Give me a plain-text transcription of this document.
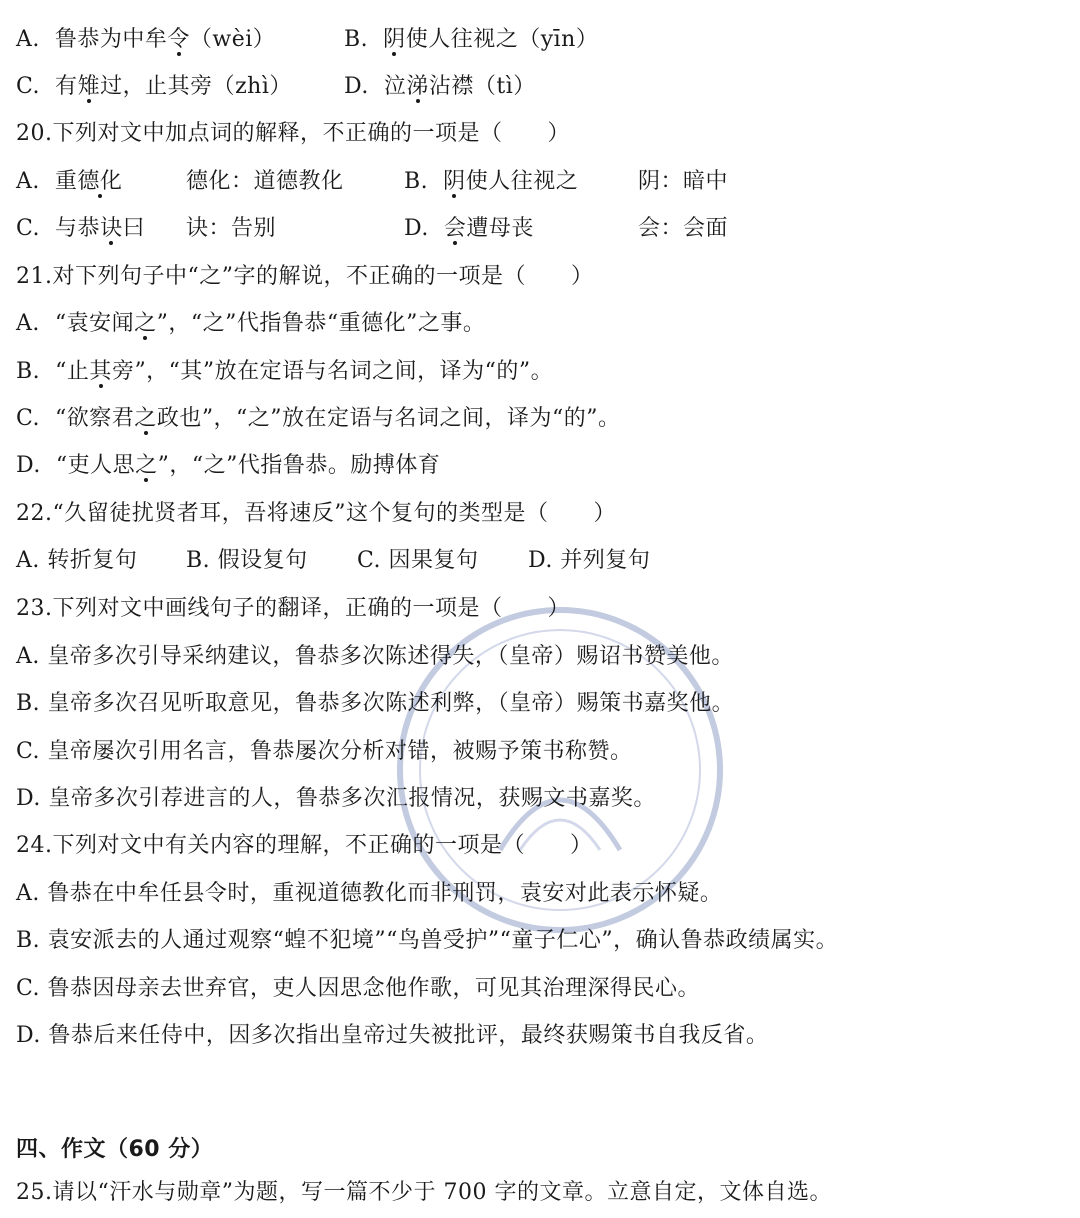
A. 鲁恭为中牟令（wèi）	B. 阴使人往视之（yīn）
C. 有雉过，止其旁（zhì） D. 泣涕沾襟（tì）
20.下列对文中加点词的解释，不正确的一项是（　　）
A. 重德化	德化：道德教化	B. 阴使人往视之	阴：暗中
C. 与恭诀曰 诀：告别	D. 会遭母丧	会：会面
21.对下列句子中“之”字的解说，不正确的一项是（　　）
A. “袁安闻之”，“之”代指鲁恭“重德化”之事。
B. “止其旁”，“其”放在定语与名词之间，译为“的”。
C. “欲察君之政也”，“之”放在定语与名词之间，译为“的”。
D. “吏人思之”，“之”代指鲁恭。励搏体育
22.“久留徒扰贤者耳，吾将速反”这个复句的类型是（　　）
A. 转折复句 B. 假设复句 C. 因果复句 D. 并列复句
23.下列对文中画线句子的翻译，正确的一项是（　　）
A. 皇帝多次引导采纳建议，鲁恭多次陈述得失，（皇帝）赐诏书赞美他。
B. 皇帝多次召见听取意见，鲁恭多次陈述利弊，（皇帝）赐策书嘉奖他。
C. 皇帝屡次引用名言，鲁恭屡次分析对错，被赐予策书称赞。
D. 皇帝多次引荐进言的人，鲁恭多次汇报情况，获赐文书嘉奖。
24.下列对文中有关内容的理解，不正确的一项是（　　）
A. 鲁恭在中牟任县令时，重视道德教化而非刑罚，袁安对此表示怀疑。
B. 袁安派去的人通过观察“蝗不犯境”“鸟兽受护”“童子仁心”，确认鲁恭政绩属实。
C. 鲁恭因母亲去世弃官，吏人因思念他作歌，可见其治理深得民心。
D. 鲁恭后来任侍中，因多次指出皇帝过失被批评，最终获赐策书自我反省。
四、作文（60 分）
25.请以“汗水与勋章”为题，写一篇不少于 700 字的文章。立意自定，文体自选。
